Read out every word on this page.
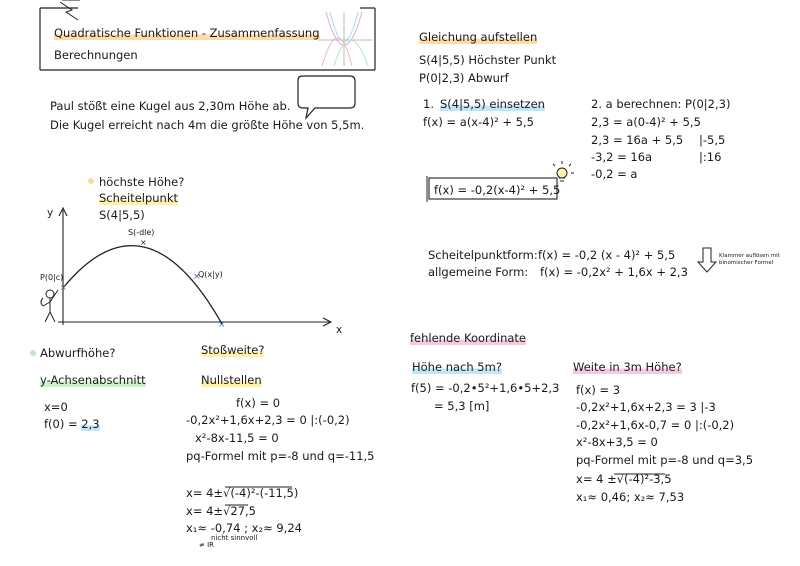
×
×
×
×
Quadratische Funktionen - Zusammenfassung
Berechnungen
Paul stößt eine Kugel aus 2,30m Höhe ab.
Die Kugel erreicht nach 4m die größte Höhe von 5,5m.
höchste Höhe?
Scheitelpunkt
S(4|5,5)
y
x
S(-dle)
P(0|c)	Q(x|y)
Abwurfhöhe?
y-Achsenabschnitt
x=0
f(0) = 2,3
Stoßweite?
Nullstellen
f(x) = 0
-0,2x²+1,6x+2,3 = 0 |:(-0,2)
x²-8x-11,5 = 0
pq-Formel mit p=-8 und q=-11,5
x= 4±√(-4)²-(-11,5)
x= 4±√27,5
x₁≈ -0,74 ; x₂≈ 9,24
nicht sinnvoll
≠ IR
Gleichung aufstellen
S(4|5,5) Höchster Punkt
P(0|2,3) Abwurf
1. S(4|5,5) einsetzen
f(x) = a(x-4)² + 5,5
2. a berechnen: P(0|2,3)
2,3 = a(0-4)² + 5,5
2,3 = 16a + 5,5 |-5,5
-3,2 = 16a	|:16
-0,2 = a
f(x) = -0,2(x-4)² + 5,5
Scheitelpunktform: f(x) = -0,2 (x - 4)² + 5,5
allgemeine Form: f(x) = -0,2x² + 1,6x + 2,3
Klammer auflösen mit
binomischer Formel
fehlende Koordinate
Höhe nach 5m?
f(5) = -0,2•5²+1,6•5+2,3
= 5,3 [m]
Weite in 3m Höhe?
f(x) = 3
-0,2x²+1,6x+2,3 = 3 |-3
-0,2x²+1,6x-0,7 = 0 |:(-0,2)
x²-8x+3,5 = 0
pq-Formel mit p=-8 und q=3,5
x= 4 ±√(-4)²-3,5
x₁≈ 0,46; x₂≈ 7,53
